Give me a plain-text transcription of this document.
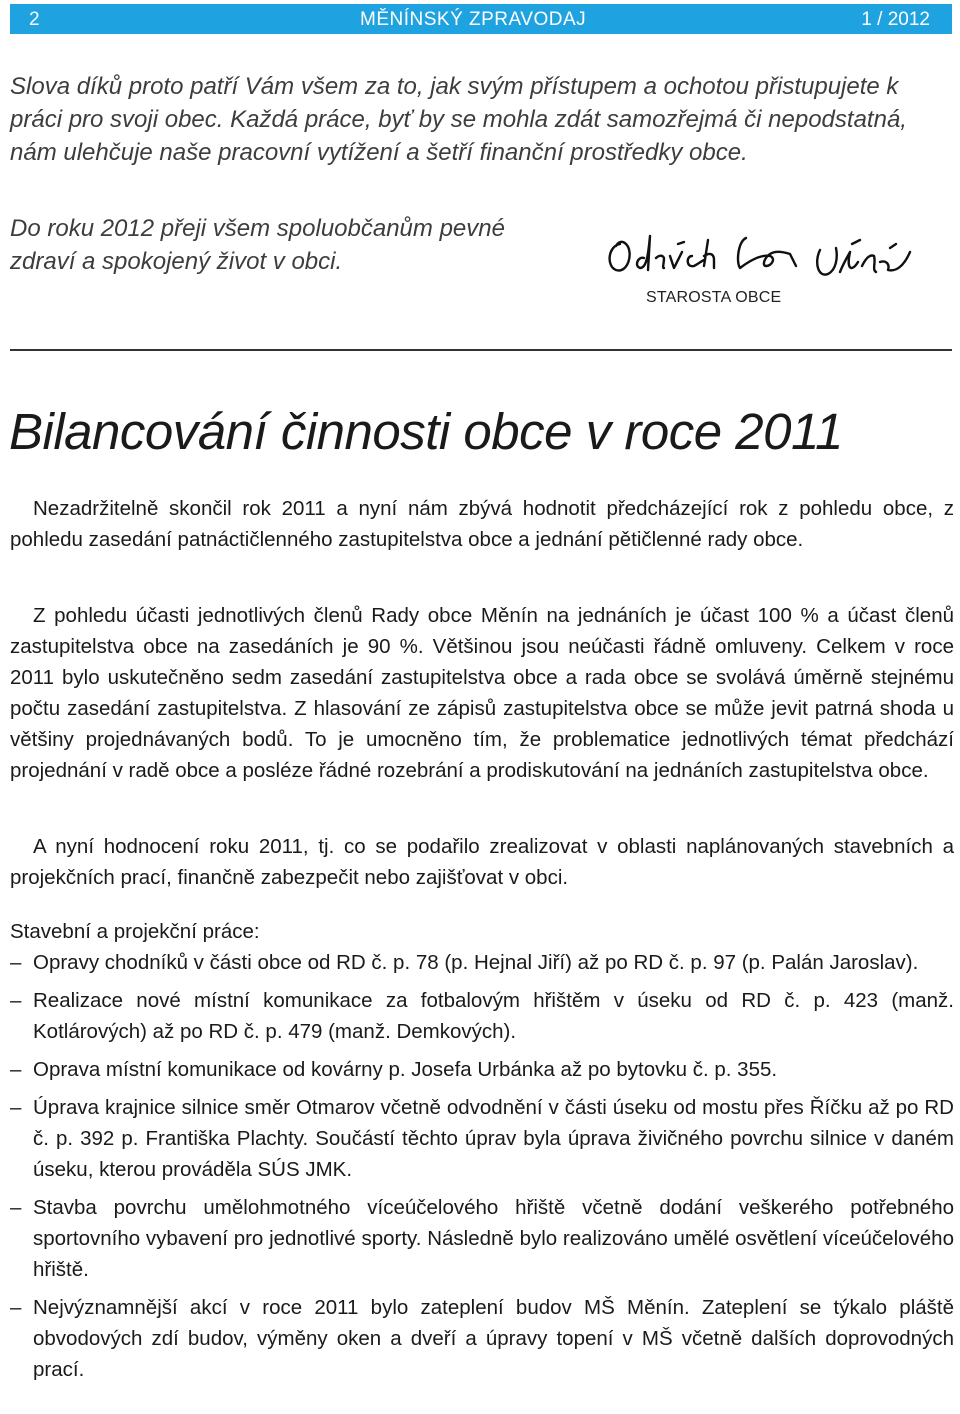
2	MĚNÍNSKÝ ZPRAVODAJ	1 / 2012

Slova díků proto patří Vám všem za to, jak svým přístupem a ochotou přistupujete k práci pro svoji obec. Každá práce, byť by se mohla zdát samozřejmá či nepodstatná, nám ulehčuje naše pracovní vytížení a šetří finanční prostředky obce.

Do roku 2012 přeji všem spoluobčanům pevné zdraví a spokojený život v obci.

STAROSTA OBCE
Bilancování činnosti obce v roce 2011

Nezadržitelně skončil rok 2011 a nyní nám zbývá hodnotit předcházející rok z pohledu obce, z pohledu zasedání patnáctičlenného zastupitelstva obce a jednání pětičlenné rady obce.

Z pohledu účasti jednotlivých členů Rady obce Měnín na jednáních je účast 100 % a účast členů zastupitelstva obce na zasedáních je 90 %. Většinou jsou neúčasti řádně omluveny. Celkem v roce 2011 bylo uskutečněno sedm zasedání zastupitelstva obce a rada obce se svolává úměrně stejnému počtu zasedání zastupitelstva. Z hlasování ze zápisů zastupitelstva obce se může jevit patrná shoda u většiny projednávaných bodů. To je umocněno tím, že problematice jednotlivých témat předchází projednání v radě obce a posléze řádné rozebrání a prodiskutování na jednáních zastupitelstva obce.

A nyní hodnocení roku 2011, tj. co se podařilo zrealizovat v oblasti naplánovaných stavebních a projekčních prací, finančně zabezpečit nebo zajišťovat v obci.

Stavební a projekční práce:

– Opravy chodníků v části obce od RD č. p. 78 (p. Hejnal Jiří) až po RD č. p. 97 (p. Palán Jaroslav).
– Realizace nové místní komunikace za fotbalovým hřištěm v úseku od RD č. p. 423 (manž. Kotlárových) až po RD č. p. 479 (manž. Demkových).
– Oprava místní komunikace od kovárny p. Josefa Urbánka až po bytovku č. p. 355.
– Úprava krajnice silnice směr Otmarov včetně odvodnění v části úseku od mostu přes Říčku až po RD č. p. 392 p. Františka Plachty. Součástí těchto úprav byla úprava živičného povrchu silnice v daném úseku, kterou prováděla SÚS JMK.
– Stavba povrchu umělohmotného víceúčelového hřiště včetně dodání veškerého potřebného sportovního vybavení pro jednotlivé sporty. Následně bylo realizováno umělé osvětlení víceúčelového hřiště.
– Nejvýznamnější akcí v roce 2011 bylo zateplení budov MŠ Měnín. Zateplení se týkalo pláště obvodových zdí budov, výměny oken a dveří a úpravy topení v MŠ včetně dalších doprovodných prací.
